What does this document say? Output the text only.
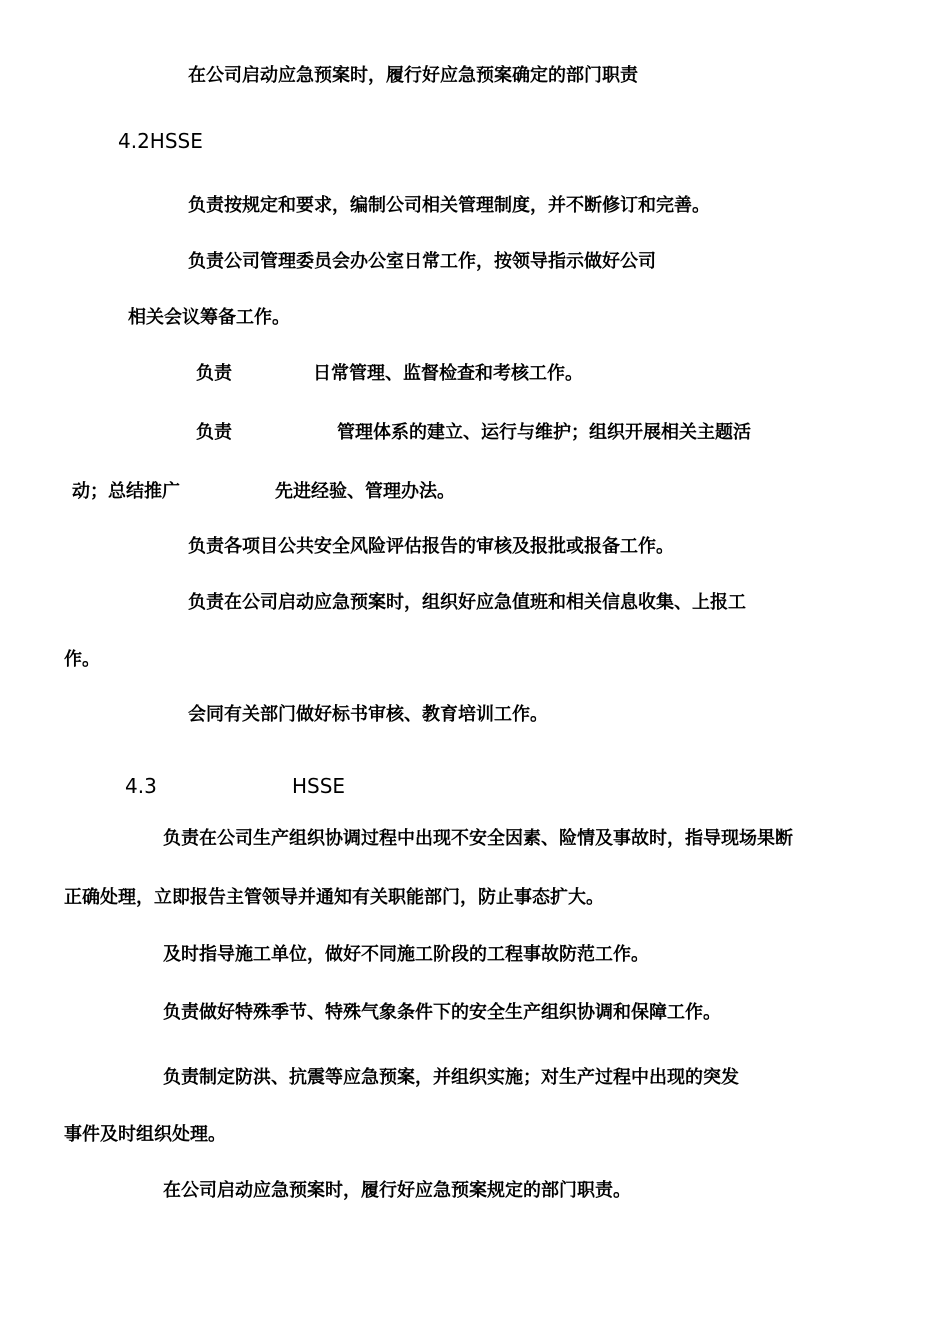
在公司启动应急预案时，履行好应急预案确定的部门职责
4.2HSSE
负责按规定和要求，编制公司相关管理制度，并不断修订和完善。
负责公司管理委员会办公室日常工作，按领导指示做好公司
相关会议筹备工作。
负责	日常管理、监督检查和考核工作。
负责	管理体系的建立、运行与维护；组织开展相关主题活
动；总结推广	先进经验、管理办法。
负责各项目公共安全风险评估报告的审核及报批或报备工作。
负责在公司启动应急预案时，组织好应急值班和相关信息收集、上报工
作。
会同有关部门做好标书审核、教育培训工作。
4.3	HSSE
负责在公司生产组织协调过程中出现不安全因素、险情及事故时，指导现场果断
正确处理，立即报告主管领导并通知有关职能部门，防止事态扩大。
及时指导施工单位，做好不同施工阶段的工程事故防范工作。
负责做好特殊季节、特殊气象条件下的安全生产组织协调和保障工作。
负责制定防洪、抗震等应急预案，并组织实施；对生产过程中出现的突发
事件及时组织处理。
在公司启动应急预案时，履行好应急预案规定的部门职责。
